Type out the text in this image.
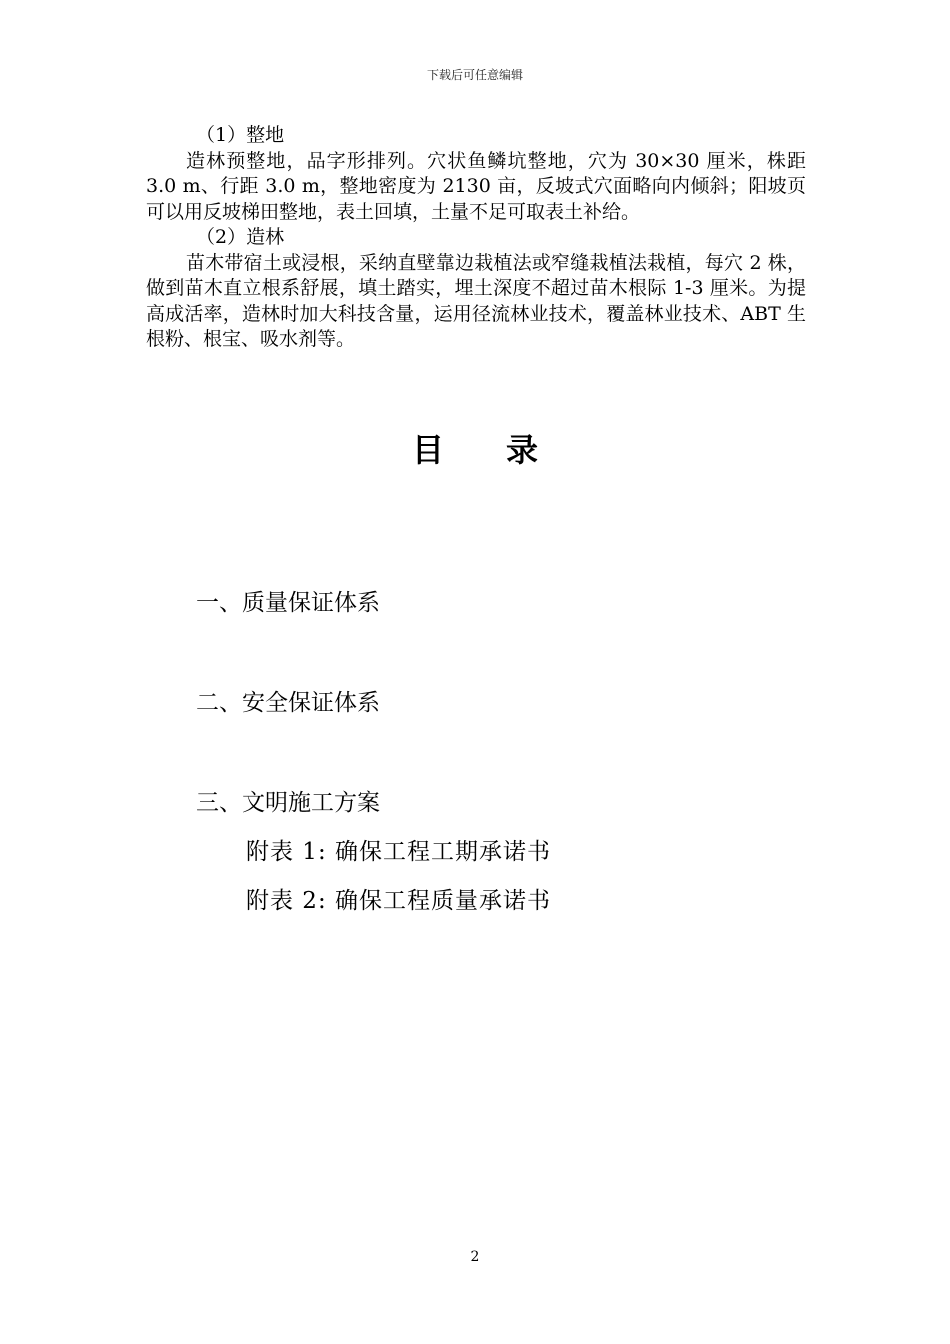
下载后可任意编辑

（1）整地

造林预整地，品字形排列。穴状鱼鳞坑整地，穴为 30×30 厘米，株距 3.0 m、行距 3.0 m，整地密度为 2130 亩，反坡式穴面略向内倾斜；阳坡页可以用反坡梯田整地，表土回填，土量不足可取表土补给。

（2）造林

苗木带宿土或浸根，采纳直壁靠边栽植法或窄缝栽植法栽植，每穴 2 株，做到苗木直立根系舒展，填土踏实，埋土深度不超过苗木根际 1-3 厘米。为提高成活率，造林时加大科技含量，运用径流林业技术，覆盖林业技术、ABT 生根粉、根宝、吸水剂等。

目 录
一、质量保证体系
二、安全保证体系
三、文明施工方案
附表 1: 确保工程工期承诺书
附表 2: 确保工程质量承诺书
2
